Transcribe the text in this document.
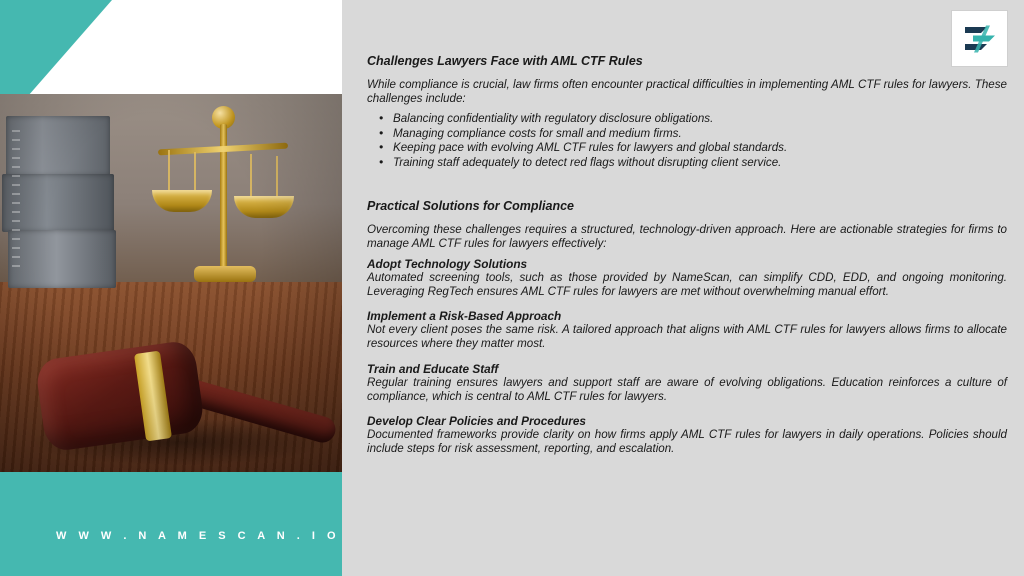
W W W . N A M E S C A N . I O
Challenges Lawyers Face with AML CTF Rules

While compliance is crucial, law firms often encounter practical difficulties in implementing AML CTF rules for lawyers. These challenges include:

• Balancing confidentiality with regulatory disclosure obligations.
• Managing compliance costs for small and medium firms.
• Keeping pace with evolving AML CTF rules for lawyers and global standards.
• Training staff adequately to detect red flags without disrupting client service.
Practical Solutions for Compliance

Overcoming these challenges requires a structured, technology-driven approach. Here are actionable strategies for firms to manage AML CTF rules for lawyers effectively:

Adopt Technology Solutions

Automated screening tools, such as those provided by NameScan, can simplify CDD, EDD, and ongoing monitoring. Leveraging RegTech ensures AML CTF rules for lawyers are met without overwhelming manual effort.

Implement a Risk-Based Approach

Not every client poses the same risk. A tailored approach that aligns with AML CTF rules for lawyers allows firms to allocate resources where they matter most.

Train and Educate Staff

Regular training ensures lawyers and support staff are aware of evolving obligations. Education reinforces a culture of compliance, which is central to AML CTF rules for lawyers.

Develop Clear Policies and Procedures

Documented frameworks provide clarity on how firms apply AML CTF rules for lawyers in daily operations. Policies should include steps for risk assessment, reporting, and escalation.
